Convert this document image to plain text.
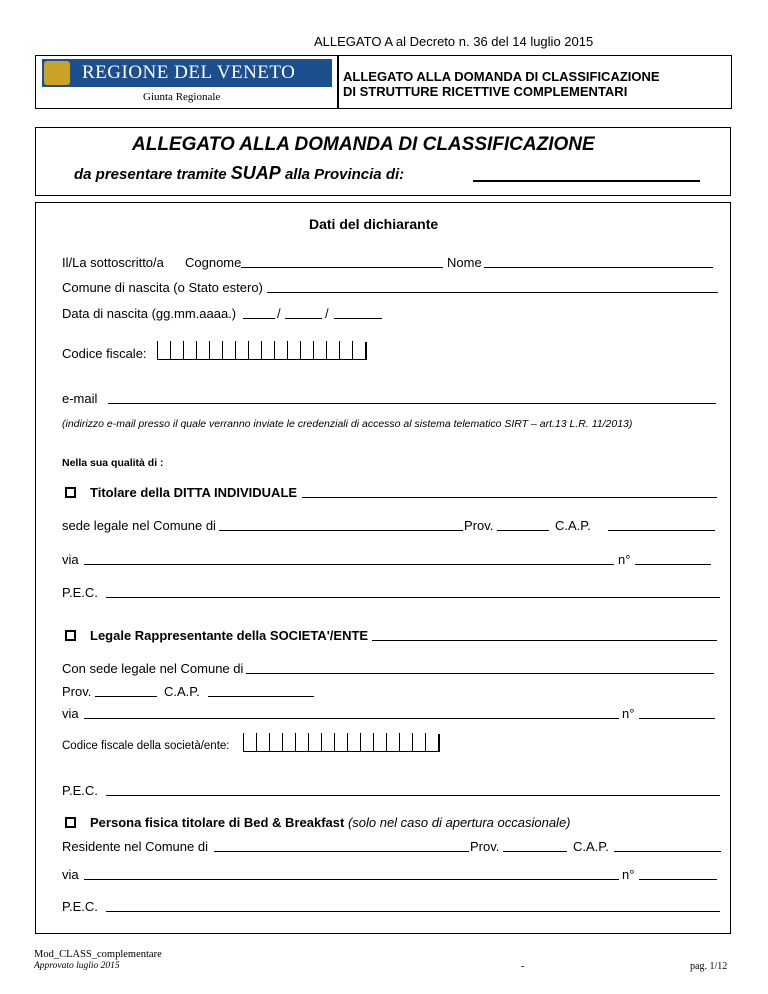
ALLEGATO A al Decreto n. 36 del 14 luglio 2015
REGIONE DEL VENETO
Giunta Regionale
ALLEGATO ALLA DOMANDA DI CLASSIFICAZIONE
DI STRUTTURE RICETTIVE COMPLEMENTARI
ALLEGATO ALLA DOMANDA DI CLASSIFICAZIONE
da presentare tramite SUAP alla Provincia di:
Dati del dichiarante
Il/La sottoscritto/a Cognome	Nome
Comune di nascita (o Stato estero)
Data di nascita (gg.mm.aaaa.)	/	/
Codice fiscale:
e-mail
(indirizzo e-mail presso il quale verranno inviate le credenziali di accesso al sistema telematico SIRT – art.13 L.R. 11/2013)
Nella sua qualità di :
Titolare della DITTA INDIVIDUALE
sede legale nel Comune di	Prov.	C.A.P.
via	n°
P.E.C.
Legale Rappresentante della SOCIETA'/ENTE
Con sede legale nel Comune di
Prov.	C.A.P.
via	n°
Codice fiscale della società/ente:
P.E.C.
Persona fisica titolare di Bed & Breakfast (solo nel caso di apertura occasionale)
Residente nel Comune di	Prov.	C.A.P.
via	n°
P.E.C.
Mod_CLASS_complementare
Approvato luglio 2015	-	pag. 1/12
